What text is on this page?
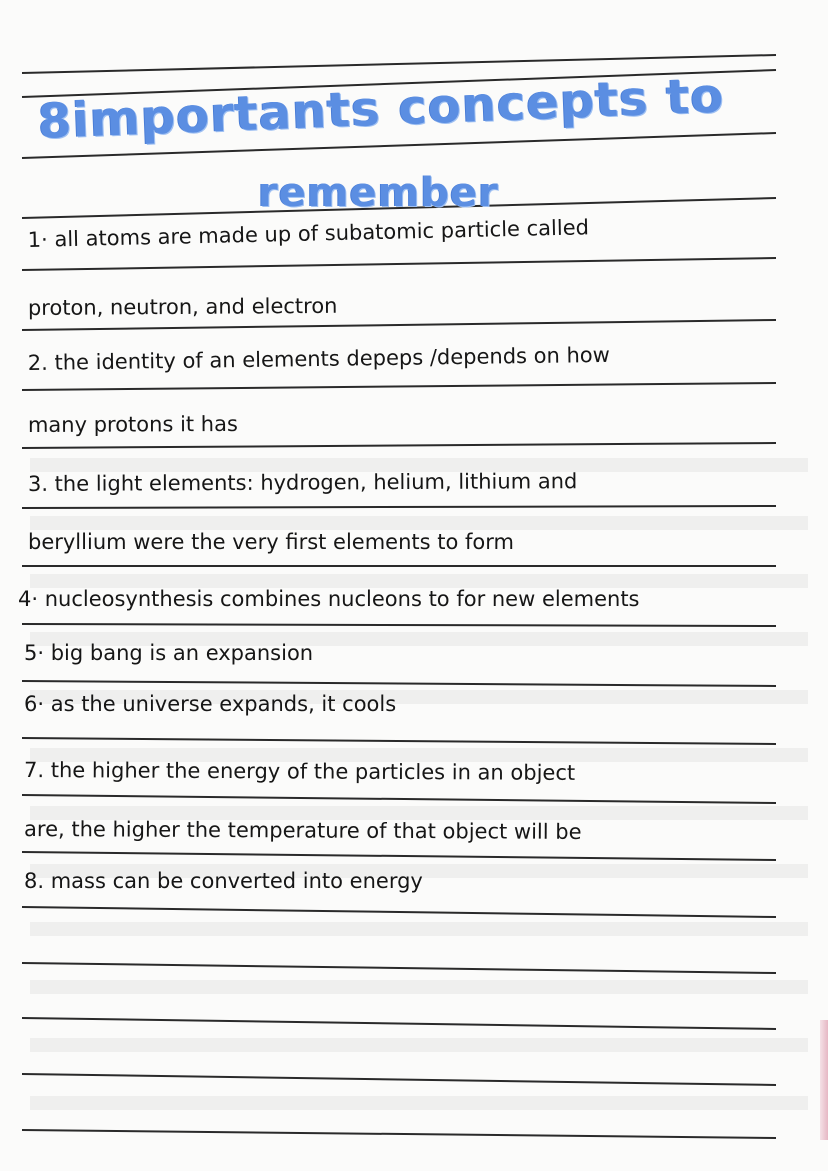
8importants concepts to
remember
1· all atoms are made up of subatomic particle called
proton, neutron, and electron
2. the identity of an elements depeps /depends on how
many protons it has
3. the light elements: hydrogen, helium, lithium and
beryllium were the very first elements to form
4· nucleosynthesis combines nucleons to for new elements
5· big bang is an expansion
6· as the universe expands, it cools
7. the higher the energy of the particles in an object
are, the higher the temperature of that object will be
8. mass can be converted into energy
